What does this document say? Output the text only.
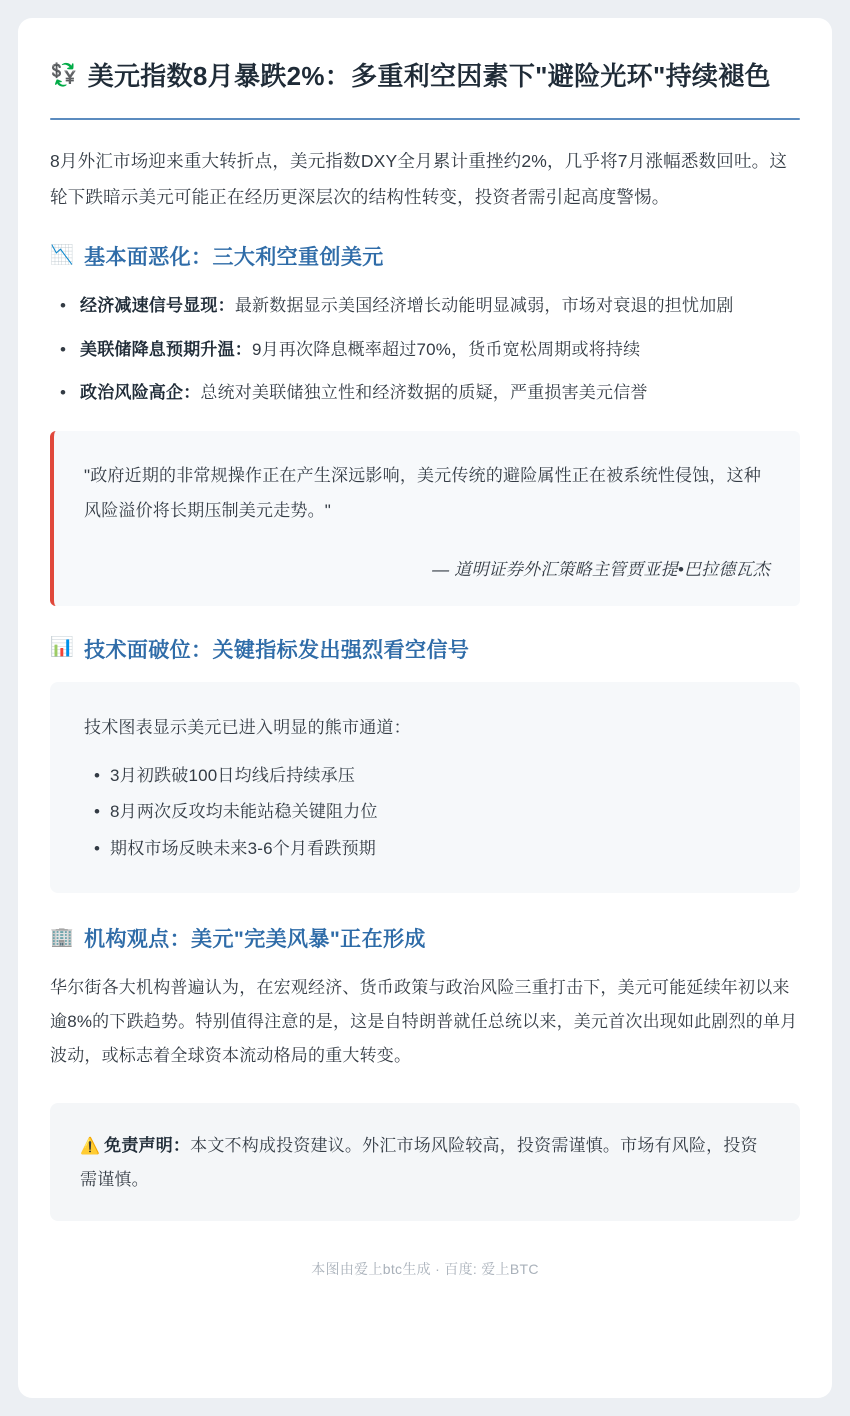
💱 美元指数8月暴跌2%：多重利空因素下"避险光环"持续褪色

8月外汇市场迎来重大转折点，美元指数DXY全月累计重挫约2%，几乎将7月涨幅悉数回吐。这轮下跌暗示美元可能正在经历更深层次的结构性转变，投资者需引起高度警惕。

📉 基本面恶化：三大利空重创美元
• 经济减速信号显现：最新数据显示美国经济增长动能明显减弱，市场对衰退的担忧加剧
• 美联储降息预期升温：9月再次降息概率超过70%，货币宽松周期或将持续
• 政治风险高企：总统对美联储独立性和经济数据的质疑，严重损害美元信誉

"政府近期的非常规操作正在产生深远影响，美元传统的避险属性正在被系统性侵蚀，这种风险溢价将长期压制美元走势。"

— 道明证券外汇策略主管贾亚提•巴拉德瓦杰
📊 技术面破位：关键指标发出强烈看空信号

技术图表显示美元已进入明显的熊市通道：

• 3月初跌破100日均线后持续承压
• 8月两次反攻均未能站稳关键阻力位
• 期权市场反映未来3-6个月看跌预期
🏢 机构观点：美元"完美风暴"正在形成

华尔街各大机构普遍认为，在宏观经济、货币政策与政治风险三重打击下，美元可能延续年初以来逾8%的下跌趋势。特别值得注意的是，这是自特朗普就任总统以来，美元首次出现如此剧烈的单月波动，或标志着全球资本流动格局的重大转变。

⚠️ 免责声明：本文不构成投资建议。外汇市场风险较高，投资需谨慎。市场有风险，投资需谨慎。

本图由爱上btc生成 · 百度: 爱上BTC
